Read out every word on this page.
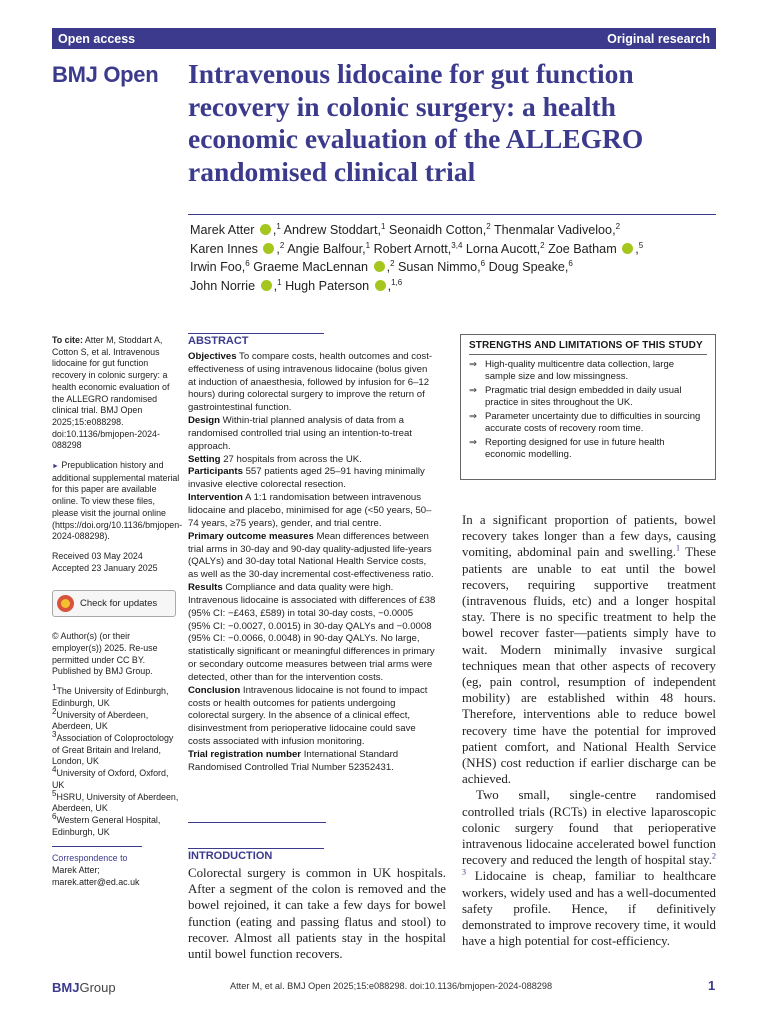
Open access	Original research
BMJ Open Intravenous lidocaine for gut function recovery in colonic surgery: a health economic evaluation of the ALLEGRO randomised clinical trial
Marek Atter ,$^1$ Andrew Stoddart,$^1$ Seonaidh Cotton,$^2$ Thenmalar Vadiveloo,$^2$
Karen Innes ,$^2$ Angie Balfour,$^1$ Robert Arnott,$^{3,4}$ Lorna Aucott,$^2$ Zoe Batham ,$^5$
Irwin Foo,$^6$ Graeme MacLennan ,$^2$ Susan Nimmo,$^6$ Doug Speake,$^6$
John Norrie ,$^1$ Hugh Paterson ,$^{1,6}$

To cite: Atter M, Stoddart A, Cotton S, et al. Intravenous lidocaine for gut function recovery in colonic surgery: a health economic evaluation of the ALLEGRO randomised clinical trial. BMJ Open 2025;15:e088298. doi:10.1136/bmjopen-2024-088298

► Prepublication history and additional supplemental material for this paper are available online. To view these files, please visit the journal online (https://doi.org/10.1136/bmjopen-2024-088298).

Received 03 May 2024
Accepted 23 January 2025
Check for updates

© Author(s) (or their employer(s)) 2025. Re-use permitted under CC BY. Published by BMJ Group.

$^1$The University of Edinburgh, Edinburgh, UK
$^2$University of Aberdeen, Aberdeen, UK
$^3$Association of Coloproctology of Great Britain and Ireland, London, UK
$^4$University of Oxford, Oxford, UK
$^5$HSRU, University of Aberdeen, Aberdeen, UK
$^6$Western General Hospital, Edinburgh, UK
Correspondence to
Marek Atter;
marek.atter@ed.ac.uk
ABSTRACT
Objectives To compare costs, health outcomes and cost-effectiveness of using intravenous lidocaine (bolus given at induction of anaesthesia, followed by infusion for 6–12 hours) during colorectal surgery to improve the return of gastrointestinal function.
Design Within-trial planned analysis of data from a randomised controlled trial using an intention-to-treat approach.
Setting 27 hospitals from across the UK.
Participants 557 patients aged 25–91 having minimally invasive elective colorectal resection.
Intervention A 1:1 randomisation between intravenous lidocaine and placebo, minimised for age (<50 years, 50–74 years, ≥75 years), gender, and trial centre.
Primary outcome measures Mean differences between trial arms in 30-day and 90-day quality-adjusted life-years (QALYs) and 30-day total National Health Service costs, as well as the 30-day incremental cost-effectiveness ratio.
Results Compliance and data quality were high. Intravenous lidocaine is associated with differences of £38 (95% CI: −£463, £589) in total 30-day costs, −0.0005 (95% CI: −0.0027, 0.0015) in 30-day QALYs and −0.0008 (95% CI: −0.0066, 0.0048) in 90-day QALYs. No large, statistically significant or meaningful differences in primary or secondary outcome measures between trial arms were detected, other than for the intervention costs.
Conclusion Intravenous lidocaine is not found to impact costs or health outcomes for patients undergoing colorectal surgery. In the absence of a clinical effect, disinvestment from perioperative lidocaine could save costs associated with infusion monitoring.
Trial registration number International Standard Randomised Controlled Trial Number 52352431.
INTRODUCTION

Colorectal surgery is common in UK hospitals. After a segment of the colon is removed and the bowel rejoined, it can take a few days for bowel function (eating and passing flatus and stool) to recover. Almost all patients stay in the hospital until bowel function recovers.

STRENGTHS AND LIMITATIONS OF THIS STUDY
⇒ High-quality multicentre data collection, large sample size and low missingness.
⇒ Pragmatic trial design embedded in daily usual practice in sites throughout the UK.
⇒ Parameter uncertainty due to difficulties in sourcing accurate costs of recovery room time.
⇒ Reporting designed for use in future health economic modelling.

In a significant proportion of patients, bowel recovery takes longer than a few days, causing vomiting, abdominal pain and swelling.$^1$ These patients are unable to eat until the bowel recovers, requiring supportive treatment (intravenous fluids, etc) and a longer hospital stay. There is no specific treatment to help the bowel recover faster—patients simply have to wait. Modern minimally invasive surgical techniques mean that other aspects of recovery (eg, pain control, resumption of independent mobility) are established within 48 hours. Therefore, interventions able to reduce bowel recovery time have the potential for improved patient comfort, and National Health Service (NHS) cost reduction if earlier discharge can be achieved.

Two small, single-centre randomised controlled trials (RCTs) in elective laparoscopic colonic surgery found that perioperative intravenous lidocaine accelerated bowel function recovery and reduced the length of hospital stay.$^{2 3}$ Lidocaine is cheap, familiar to healthcare workers, widely used and has a well-documented safety profile. Hence, if definitively demonstrated to improve recovery time, it would have a high potential for cost-efficiency.

BMJGroup	Atter M, et al. BMJ Open 2025;15:e088298. doi:10.1136/bmjopen-2024-088298	1
